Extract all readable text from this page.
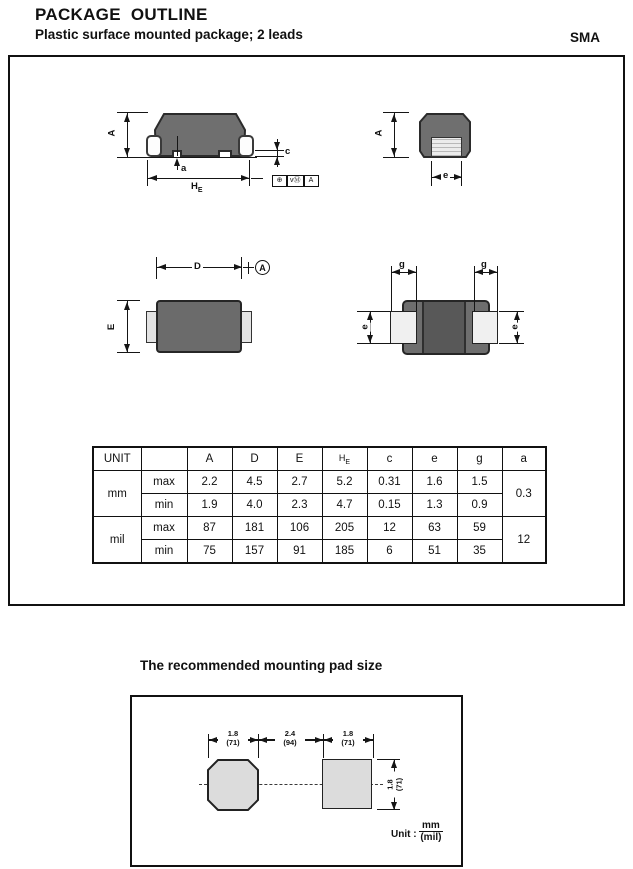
PACKAGE OUTLINE
Plastic surface mounted package; 2 leads	SMA
A
a
$H_E$
c
⊕	vⓂ	A
A
e
D	A
E
g	g
e
e
UNIT		A	D	E	$H_E$	c	e	g	a
mm	max	2.2	4.5	2.7	5.2	0.31	1.6	1.5	0.3
	min	1.9	4.0	2.3	4.7	0.15	1.3	0.9	
mil	max	87	181	106	205	12	63	59	12
	min	75	157	91	185	6	51	35	
The recommended mounting pad size
1.8
(71)
2.4
(94)
1.8
(71)
1.8 (71)
Unit :
mm
(mil)
